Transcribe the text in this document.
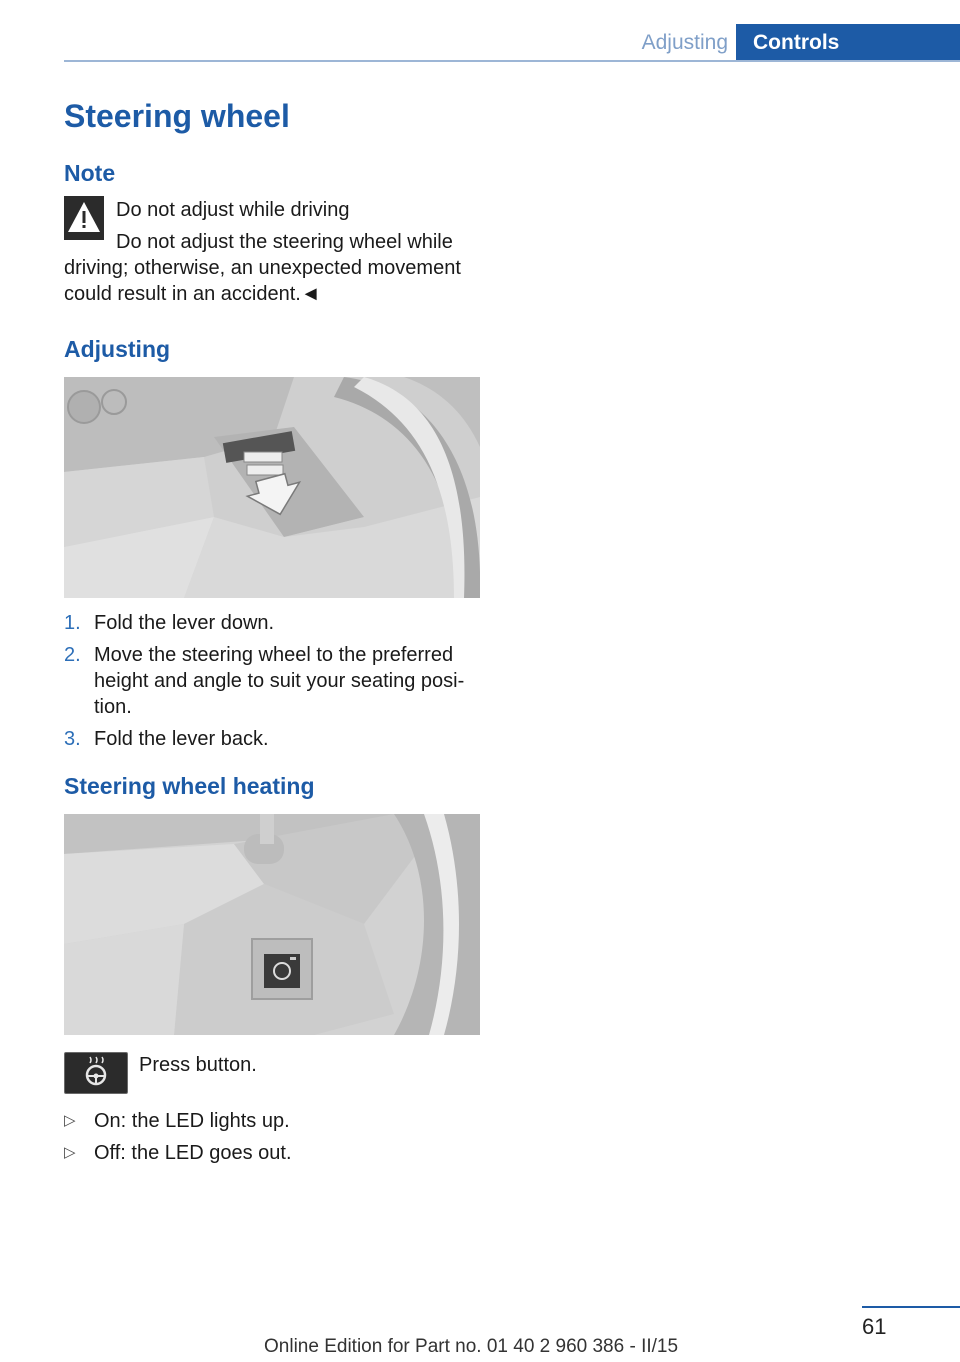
Adjusting	Controls
Steering wheel
Note
Do not adjust while driving
Do not adjust the steering wheel while
driving; otherwise, an unexpected movement
could result in an accident.◄
Adjusting
1. Fold the lever down.
2. Move the steering wheel to the preferred
height and angle to suit your seating posi-
tion.
3. Fold the lever back.
Steering wheel heating
Press button.
▷ On: the LED lights up.
▷ Off: the LED goes out.
61
Online Edition for Part no. 01 40 2 960 386 - II/15
